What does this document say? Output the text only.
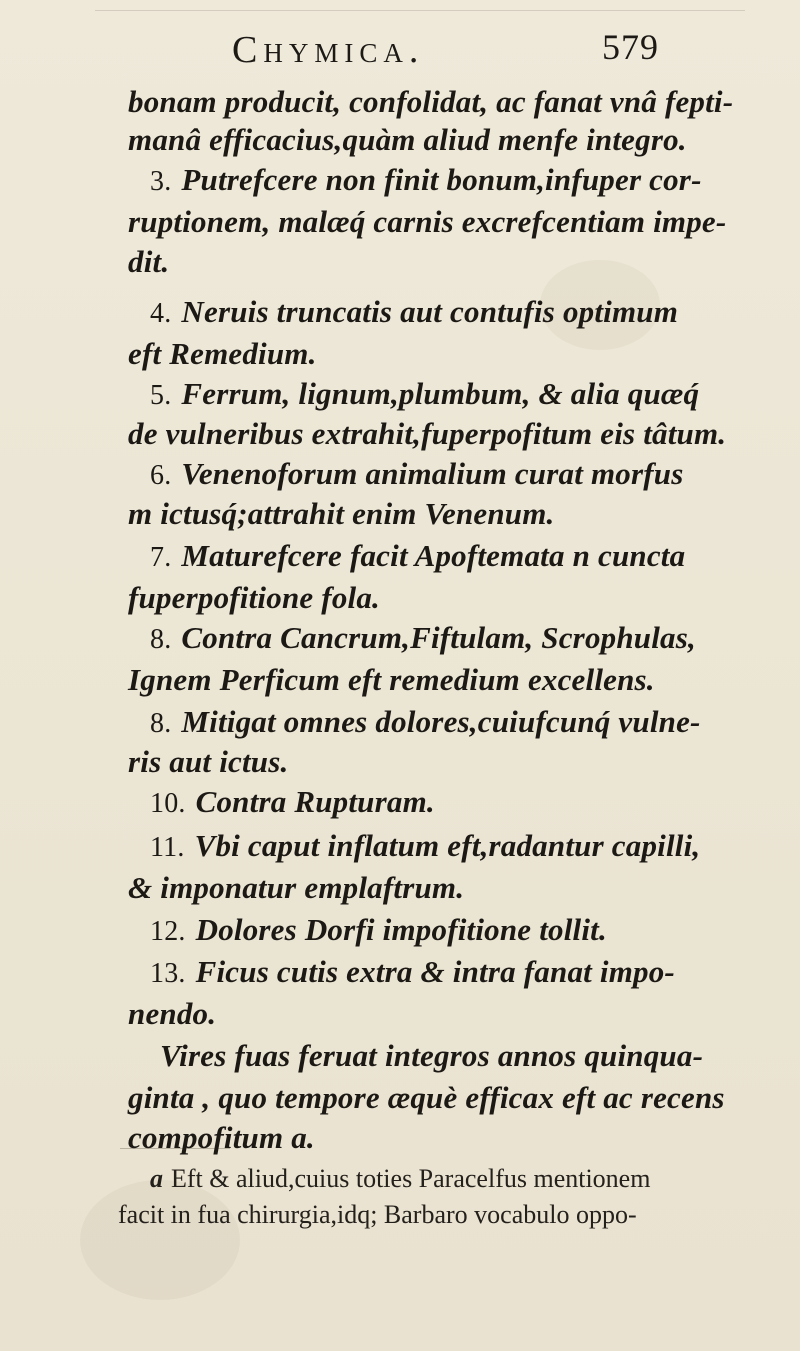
Chymica.	579
bonam producit, confolidat, ac fanat vnâ fepti-
manâ efficacius,quàm aliud menfe integro.
3. Putrefcere non finit bonum,infuper cor-
ruptionem, malæq́ carnis excrefcentiam impe-
dit.
4. Neruis truncatis aut contufis optimum
eft Remedium.
5. Ferrum, lignum,plumbum, & alia quæq́
de vulneribus extrahit,fuperpofitum eis tâtum.
6. Venenoforum animalium curat morfus
m ictusq́;attrahit enim Venenum.
7. Maturefcere facit Apoftemata n cuncta
fuperpofitione fola.
8. Contra Cancrum,Fiftulam, Scrophulas,
Ignem Perficum eft remedium excellens.
8. Mitigat omnes dolores,cuiufcunq́ vulne-
ris aut ictus.
10. Contra Rupturam.
11. Vbi caput inflatum eft,radantur capilli,
& imponatur emplaftrum.
12. Dolores Dorfi impofitione tollit.
13. Ficus cutis extra & intra fanat impo-
nendo.
Vires fuas feruat integros annos quinqua-
ginta , quo tempore æquè efficax eft ac recens
compofitum a.
a Eft & aliud,cuius toties Paracelfus mentionem
facit in fua chirurgia,idq; Barbaro vocabulo oppo-
